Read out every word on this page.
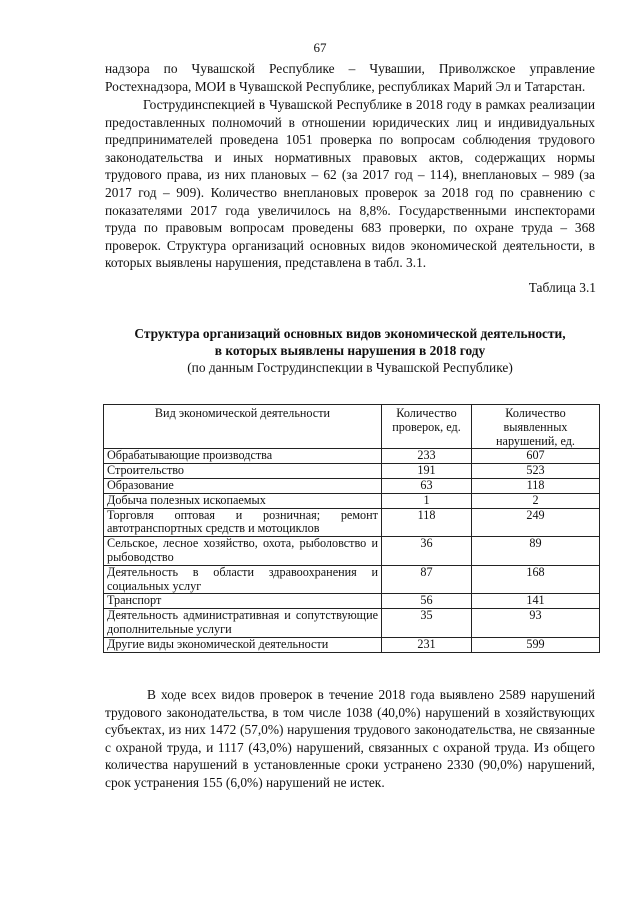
67

надзора по Чувашской Республике – Чувашии, Приволжское управление Ростехнадзора, МОИ в Чувашской Республике, республиках Марий Эл и Татарстан.

Гострудинспекцией в Чувашской Республике в 2018 году в рамках реализации предоставленных полномочий в отношении юридических лиц и индивидуальных предпринимателей проведена 1051 проверка по вопросам соблюдения трудового законодательства и иных нормативных правовых актов, содержащих нормы трудового права, из них плановых – 62 (за 2017 год – 114), внеплановых – 989 (за 2017 год – 909). Количество внеплановых проверок за 2018 год по сравнению с показателями 2017 года увеличилось на 8,8%. Государственными инспекторами труда по правовым вопросам проведены 683 проверки, по охране труда – 368 проверок. Структура организаций основных видов экономической деятельности, в которых выявлены нарушения, представлена в табл. 3.1.

Таблица 3.1
Структура организаций основных видов экономической деятельности,
в которых выявлены нарушения в 2018 году
(по данным Гострудинспекции в Чувашской Республике)
Вид экономической деятельности	Количество проверок, ед.	Количество выявленных нарушений, ед.
Обрабатывающие производства	233	607
Строительство	191	523
Образование	63	118
Добыча полезных ископаемых	1	2
Торговля оптовая и розничная; ремонт автотранспортных средств и мотоциклов	118	249
Сельское, лесное хозяйство, охота, рыболовство и рыбоводство	36	89
Деятельность в области здравоохранения и социальных услуг	87	168
Транспорт	56	141
Деятельность административная и сопутствующие дополнительные услуги	35	93
Другие виды экономической деятельности	231	599

В ходе всех видов проверок в течение 2018 года выявлено 2589 нарушений трудового законодательства, в том числе 1038 (40,0%) нарушений в хозяйствующих субъектах, из них 1472 (57,0%) нарушения трудового законодательства, не связанные с охраной труда, и 1117 (43,0%) нарушений, связанных с охраной труда. Из общего количества нарушений в установленные сроки устранено 2330 (90,0%) нарушений, срок устранения 155 (6,0%) нарушений не истек.
